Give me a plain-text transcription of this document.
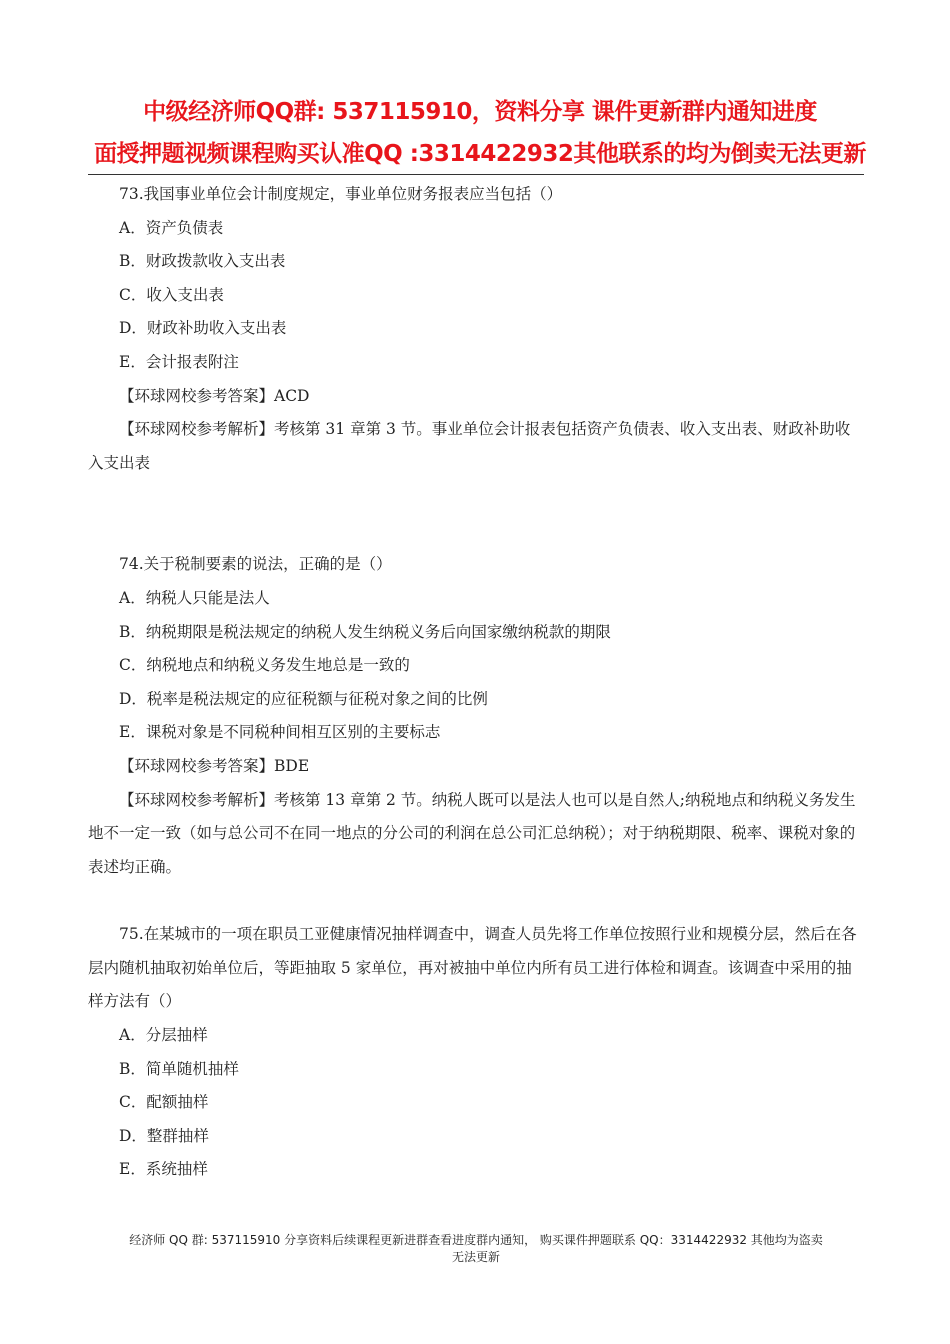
中级经济师QQ群: 537115910，资料分享 课件更新群内通知进度
面授押题视频课程购买认准QQ :3314422932其他联系的均为倒卖无法更新

73.我国事业单位会计制度规定，事业单位财务报表应当包括（）

A．资产负债表

B．财政拨款收入支出表

C．收入支出表

D．财政补助收入支出表

E．会计报表附注

【环球网校参考答案】ACD

【环球网校参考解析】考核第 31 章第 3 节。事业单位会计报表包括资产负债表、收入支出表、财政补助收入支出表

74.关于税制要素的说法，正确的是（）

A．纳税人只能是法人

B．纳税期限是税法规定的纳税人发生纳税义务后向国家缴纳税款的期限

C．纳税地点和纳税义务发生地总是一致的

D．税率是税法规定的应征税额与征税对象之间的比例

E．课税对象是不同税种间相互区别的主要标志

【环球网校参考答案】BDE

【环球网校参考解析】考核第 13 章第 2 节。纳税人既可以是法人也可以是自然人;纳税地点和纳税义务发生地不一定一致（如与总公司不在同一地点的分公司的利润在总公司汇总纳税）；对于纳税期限、税率、课税对象的表述均正确。

75.在某城市的一项在职员工亚健康情况抽样调查中，调查人员先将工作单位按照行业和规模分层，然后在各层内随机抽取初始单位后，等距抽取 5 家单位，再对被抽中单位内所有员工进行体检和调查。该调查中采用的抽样方法有（）

A．分层抽样

B．简单随机抽样

C．配额抽样

D．整群抽样

E．系统抽样

经济师 QQ 群: 537115910 分享资料后续课程更新进群查看进度群内通知， 购买课件押题联系 QQ：3314422932 其他均为盗卖
无法更新
